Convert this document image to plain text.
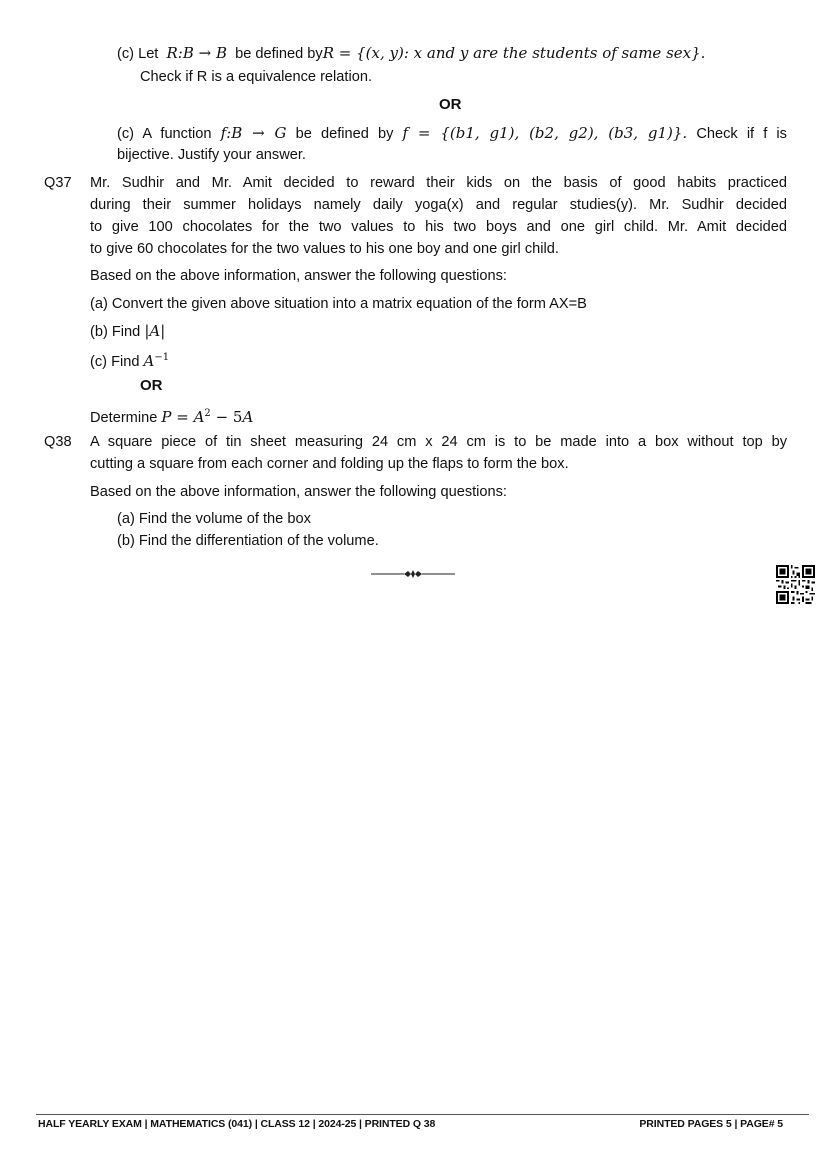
(c) Let R:B → B be defined byR = {(x, y): x and y are the students of same sex}.
Check if R is a equivalence relation.
OR
(c) A function f:B → G be defined by f = {(b1, g1), (b2, g2), (b3, g1)}. Check if f is
bijective. Justify your answer.
Q37 Mr. Sudhir and Mr. Amit decided to reward their kids on the basis of good habits practiced
during their summer holidays namely daily yoga(x) and regular studies(y). Mr. Sudhir decided
to give 100 chocolates for the two values to his two boys and one girl child. Mr. Amit decided
to give 60 chocolates for the two values to his one boy and one girl child.
Based on the above information, answer the following questions:
(a) Convert the given above situation into a matrix equation of the form AX=B
(b) Find |A|
(c) Find $A^{-1}$
OR
Determine $P = A^2 - 5A$
Q38 A square piece of tin sheet measuring 24 cm x 24 cm is to be made into a box without top by
cutting a square from each corner and folding up the flaps to form the box.
Based on the above information, answer the following questions:
(a) Find the volume of the box
(b) Find the differentiation of the volume.
HALF YEARLY EXAM | MATHEMATICS (041) | CLASS 12 | 2024-25 | PRINTED Q 38	PRINTED PAGES 5 | PAGE# 5
